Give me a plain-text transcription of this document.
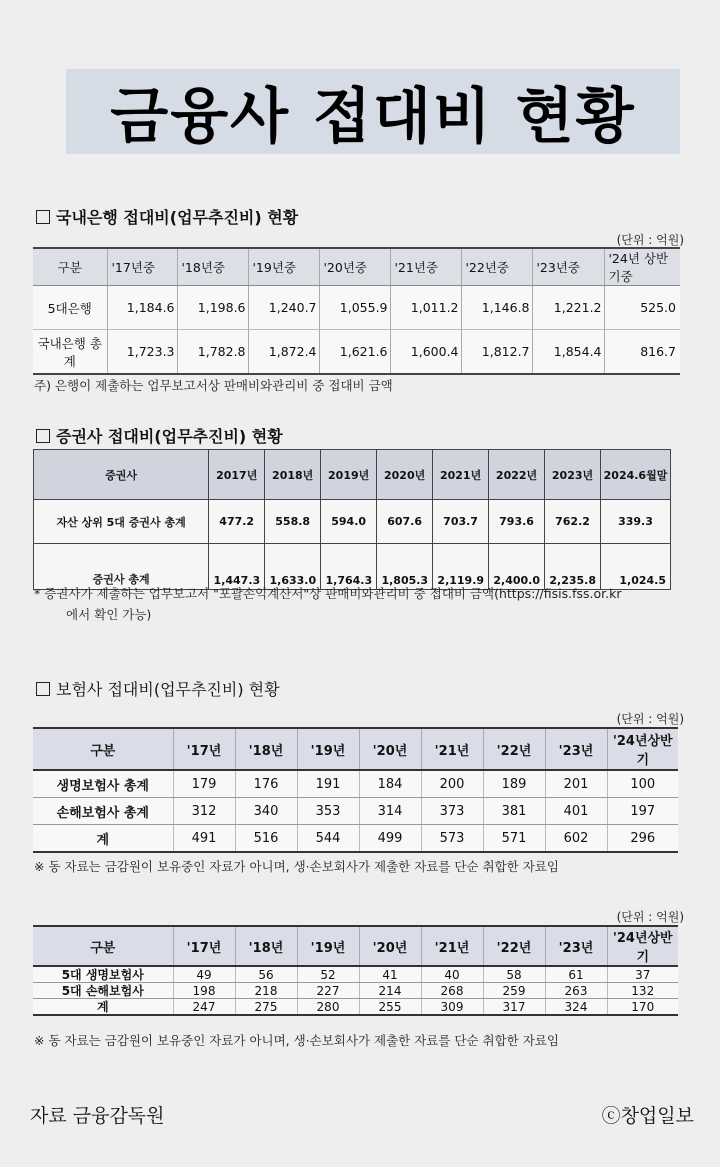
금융사 접대비 현황
국내은행 접대비(업무추진비) 현황
(단위 : 억원)
구분	'17년중	'18년중	'19년중	'20년중	'21년중	'22년중	'23년중	'24년 상반기중
5대은행	1,184.6	1,198.6	1,240.7	1,055.9	1,011.2	1,146.8	1,221.2	525.0
국내은행 총계	1,723.3	1,782.8	1,872.4	1,621.6	1,600.4	1,812.7	1,854.4	816.7
주) 은행이 제출하는 업무보고서상 판매비와관리비 중 접대비 금액
증권사 접대비(업무추진비) 현황
증권사	2017년	2018년	2019년	2020년	2021년	2022년	2023년	2024.6월말
자산 상위 5대 증권사 총계	477.2	558.8	594.0	607.6	703.7	793.6	762.2	339.3
증권사 총계	1,447.3	1,633.0	1,764.3	1,805.3	2,119.9	2,400.0	2,235.8	1,024.5
* 증권사가 제출하는 업무보고서 "포괄손익계산서"상 판매비와관리비 중 접대비 금액(https://fisis.fss.or.kr
에서 확인 가능)
보험사 접대비(업무추진비) 현황
(단위 : 억원)
구분	'17년	'18년	'19년	'20년	'21년	'22년	'23년	'24년상반기
생명보험사 총계	179	176	191	184	200	189	201	100
손해보험사 총계	312	340	353	314	373	381	401	197
계	491	516	544	499	573	571	602	296
※ 동 자료는 금감원이 보유중인 자료가 아니며, 생·손보회사가 제출한 자료를 단순 취합한 자료임
(단위 : 억원)
구분	'17년	'18년	'19년	'20년	'21년	'22년	'23년	'24년상반기
5대 생명보험사	49	56	52	41	40	58	61	37
5대 손해보험사	198	218	227	214	268	259	263	132
계	247	275	280	255	309	317	324	170
※ 동 자료는 금감원이 보유중인 자료가 아니며, 생·손보회사가 제출한 자료를 단순 취합한 자료임
자료 금융감독원	ⓒ창업일보
